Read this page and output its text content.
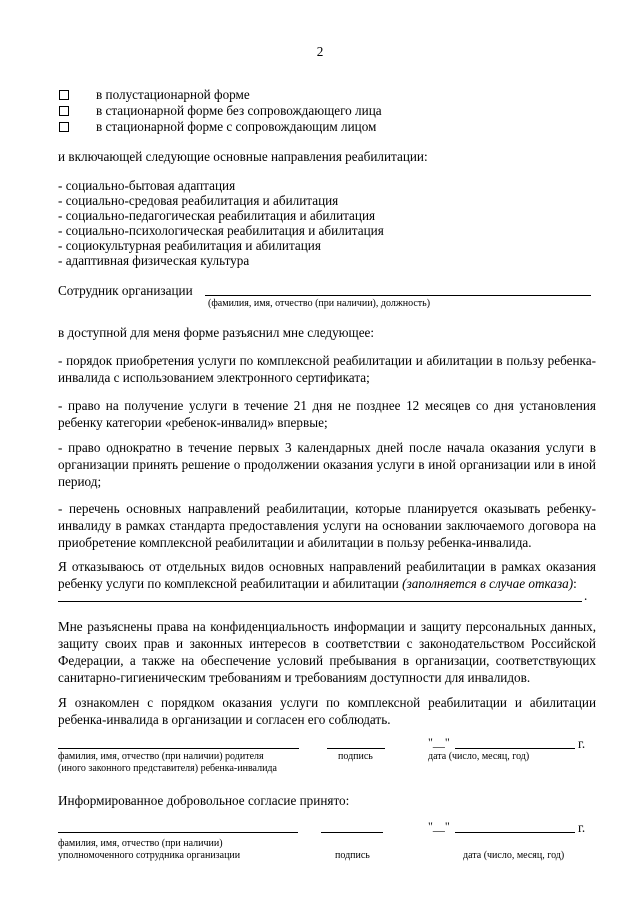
2
в полустационарной форме
в стационарной форме без сопровождающего лица
в стационарной форме с сопровождающим лицом
и включающей следующие основные направления реабилитации:
- социально-бытовая адаптация
- социально-средовая реабилитация и абилитация
- социально-педагогическая реабилитация и абилитация
- социально-психологическая реабилитация и абилитация
- социокультурная реабилитация и абилитация
- адаптивная физическая культура
Сотрудник организации
(фамилия, имя, отчество (при наличии), должность)
в доступной для меня форме разъяснил мне следующее:
- порядок приобретения услуги по комплексной реабилитации и абилитации в пользу ребенка-инвалида с использованием электронного сертификата;
- право на получение услуги в течение 21 дня не позднее 12 месяцев со дня установления ребенку категории «ребенок-инвалид» впервые;
- право однократно в течение первых 3 календарных дней после начала оказания услуги в организации принять решение о продолжении оказания услуги в иной организации или в иной период;
- перечень основных направлений реабилитации, которые планируется оказывать ребенку-инвалиду в рамках стандарта предоставления услуги на основании заключаемого договора на приобретение комплексной реабилитации и абилитации в пользу ребенка-инвалида.
Я отказываюсь от отдельных видов основных направлений реабилитации в рамках оказания ребенку услуги по комплексной реабилитации и абилитации (заполняется в случае отказа):
.
Мне разъяснены права на конфиденциальность информации и защиту персональных данных, защиту своих прав и законных интересов в соответствии с законодательством Российской Федерации, а также на обеспечение условий пребывания в организации, соответствующих санитарно-гигиеническим требованиям и требованиям доступности для инвалидов.
Я ознакомлен с порядком оказания услуги по комплексной реабилитации и абилитации ребенка-инвалида в организации и согласен его соблюдать.
"__"	г.
фамилия, имя, отчество (при наличии) родителя
(иного законного представителя) ребенка-инвалида
подпись	дата (число, месяц, год)
Информированное добровольное согласие принято:
"__"	г.
фамилия, имя, отчество (при наличии)
уполномоченного сотрудника организации	подпись	дата (число, месяц, год)
